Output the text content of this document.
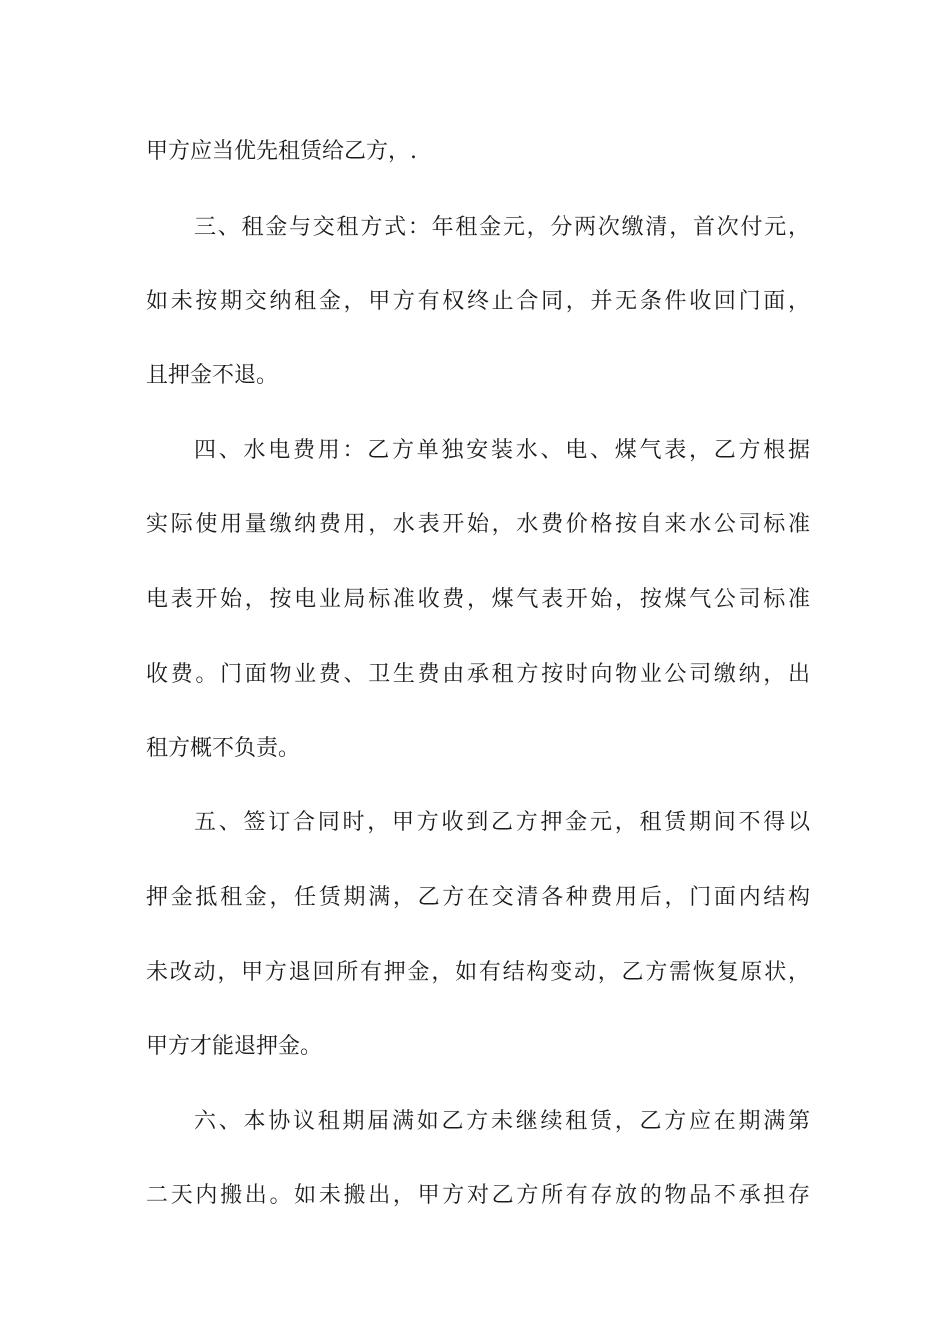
甲方应当优先租赁给乙方，.
三、租金与交租方式：年租金元，分两次缴清，首次付元，
如未按期交纳租金，甲方有权终止合同，并无条件收回门面，
且押金不退。
四、水电费用：乙方单独安装水、电、煤气表，乙方根据
实际使用量缴纳费用，水表开始，水费价格按自来水公司标准
电表开始，按电业局标准收费，煤气表开始，按煤气公司标准
收费。门面物业费、卫生费由承租方按时向物业公司缴纳，出
租方概不负责。
五、签订合同时，甲方收到乙方押金元，租赁期间不得以
押金抵租金，任赁期满，乙方在交清各种费用后，门面内结构
未改动，甲方退回所有押金，如有结构变动，乙方需恢复原状，
甲方才能退押金。
六、本协议租期届满如乙方未继续租赁，乙方应在期满第
二天内搬出。如未搬出，甲方对乙方所有存放的物品不承担存
